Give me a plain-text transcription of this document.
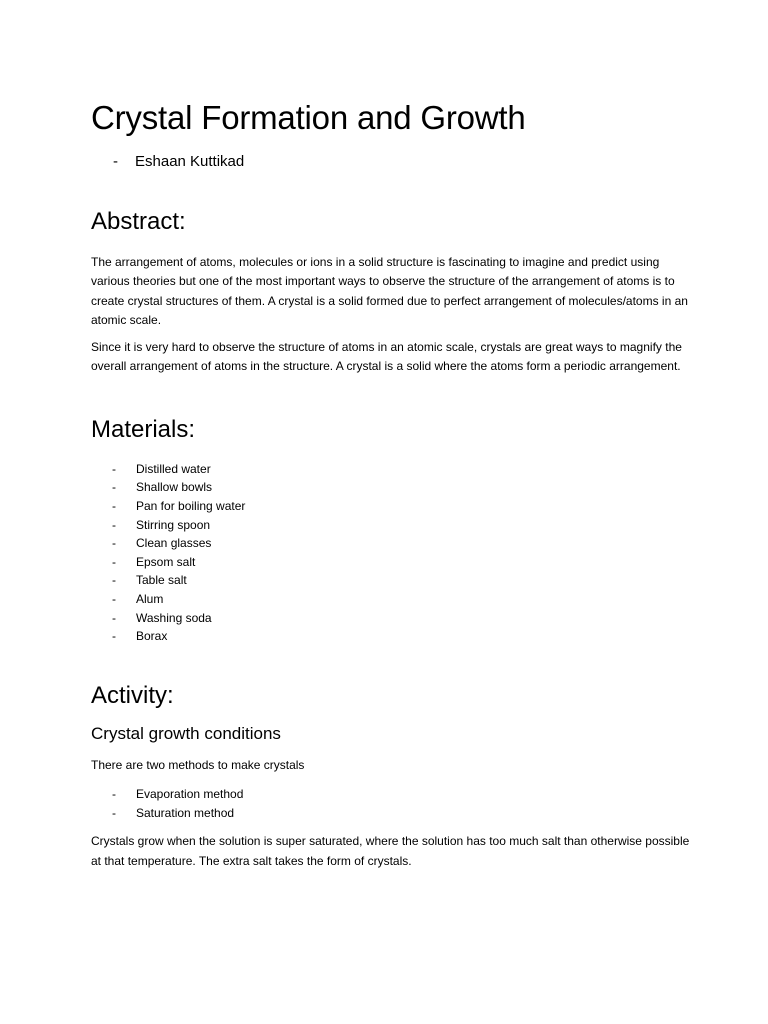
Crystal Formation and Growth
-	Eshaan Kuttikad
Abstract:

The arrangement of atoms, molecules or ions in a solid structure is fascinating to imagine and predict using various theories but one of the most important ways to observe the structure of the arrangement of atoms is to create crystal structures of them. A crystal is a solid formed due to perfect arrangement of molecules/atoms in an atomic scale.

Since it is very hard to observe the structure of atoms in an atomic scale, crystals are great ways to magnify the overall arrangement of atoms in the structure. A crystal is a solid where the atoms form a periodic arrangement.

Materials:
-	Distilled water
-	Shallow bowls
-	Pan for boiling water
-	Stirring spoon
-	Clean glasses
-	Epsom salt
-	Table salt
-	Alum
-	Washing soda
-	Borax
Activity:
Crystal growth conditions

There are two methods to make crystals

-	Evaporation method
-	Saturation method

Crystals grow when the solution is super saturated, where the solution has too much salt than otherwise possible at that temperature. The extra salt takes the form of crystals.
